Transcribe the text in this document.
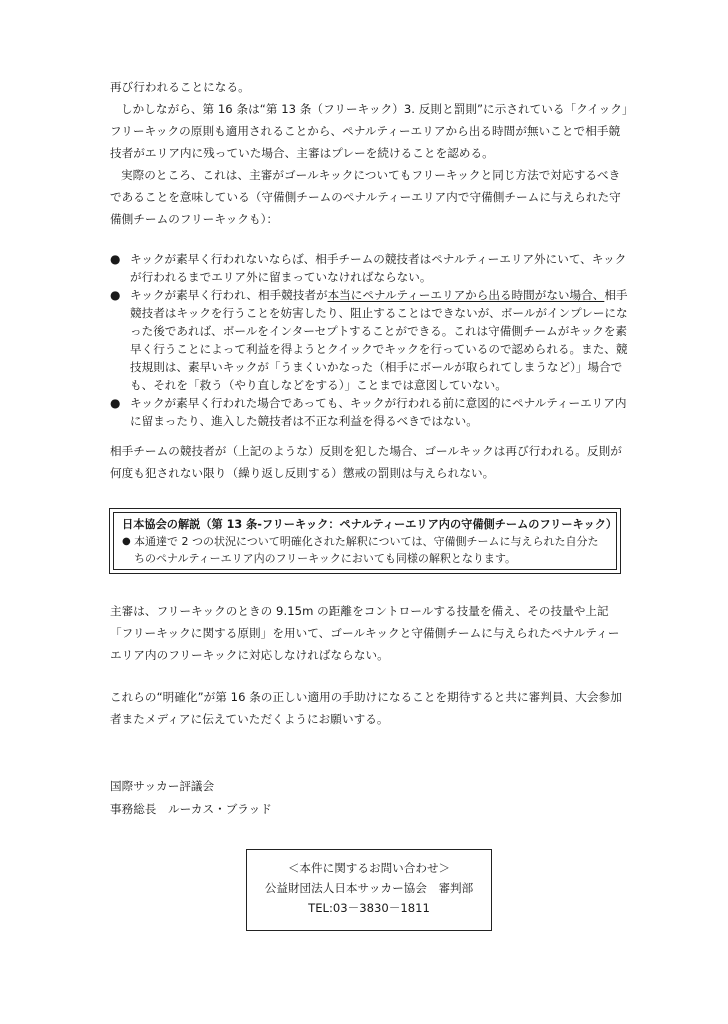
再び行われることになる。

しかしながら、第 16 条は“第 13 条（フリーキック）3. 反則と罰則”に示されている「クイック」フリーキックの原則も適用されることから、ペナルティーエリアから出る時間が無いことで相手競技者がエリア内に残っていた場合、主審はプレーを続けることを認める。

実際のところ、これは、主審がゴールキックについてもフリーキックと同じ方法で対応するべきであることを意味している（守備側チームのペナルティーエリア内で守備側チームに与えられた守備側チームのフリーキックも）：

● キックが素早く行われないならば、相手チームの競技者はペナルティーエリア外にいて、キックが行われるまでエリア外に留まっていなければならない。
● キックが素早く行われ、相手競技者が本当にペナルティーエリアから出る時間がない場合、相手競技者はキックを行うことを妨害したり、阻止することはできないが、ボールがインプレーになった後であれば、ボールをインターセプトすることができる。これは守備側チームがキックを素早く行うことによって利益を得ようとクイックでキックを行っているので認められる。また、競技規則は、素早いキックが「うまくいかなった（相手にボールが取られてしまうなど）」場合でも、それを「救う（やり直しなどをする）」ことまでは意図していない。
● キックが素早く行われた場合であっても、キックが行われる前に意図的にペナルティーエリア内に留まったり、進入した競技者は不正な利益を得るべきではない。

相手チームの競技者が（上記のような）反則を犯した場合、ゴールキックは再び行われる。反則が何度も犯されない限り（繰り返し反則する）懲戒の罰則は与えられない。

日本協会の解説（第 13 条-フリーキック：ペナルティーエリア内の守備側チームのフリーキック）

● 本通達で 2 つの状況について明確化された解釈については、守備側チームに与えられた自分たちのペナルティーエリア内のフリーキックにおいても同様の解釈となります。

主審は、フリーキックのときの 9.15m の距離をコントロールする技量を備え、その技量や上記「フリーキックに関する原則」を用いて、ゴールキックと守備側チームに与えられたペナルティーエリア内のフリーキックに対応しなければならない。

これらの“明確化”が第 16 条の正しい適用の手助けになることを期待すると共に審判員、大会参加者またメディアに伝えていただくようにお願いする。

国際サッカー評議会
事務総長　ルーカス・ブラッド
＜本件に関するお問い合わせ＞
公益財団法人日本サッカー協会　審判部
TEL:03－3830－1811
